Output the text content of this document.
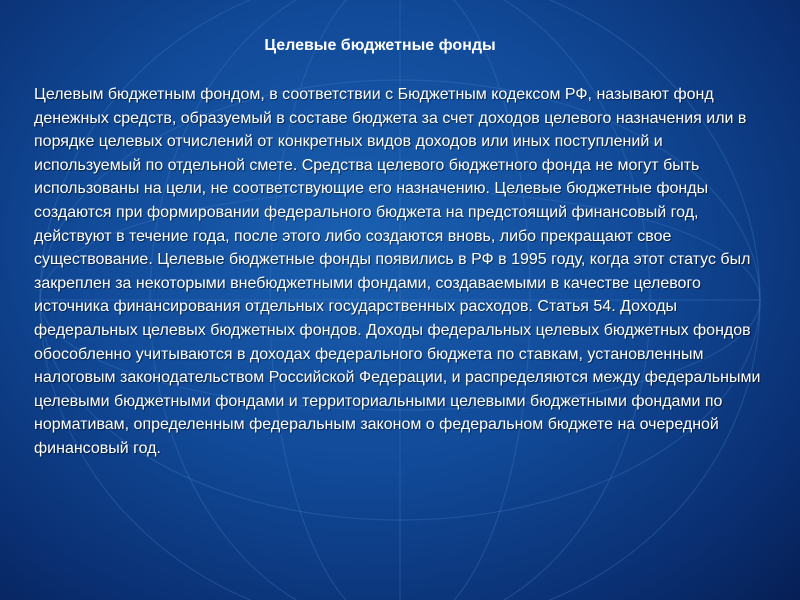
Целевые бюджетные фонды

Целевым бюджетным фондом, в соответствии с Бюджетным кодексом РФ, называют фонд денежных средств, образуемый в составе бюджета за счет доходов целевого назначения или в порядке целевых отчислений от конкретных видов доходов или иных поступлений и используемый по отдельной смете. Средства целевого бюджетного фонда не могут быть использованы на цели, не соответствующие его назначению. Целевые бюджетные фонды создаются при формировании федерального бюджета на предстоящий финансовый год, действуют в течение года, после этого либо создаются вновь, либо прекращают свое существование. Целевые бюджетные фонды появились в РФ в 1995 году, когда этот статус был закреплен за некоторыми внебюджетными фондами, создаваемыми в качестве целевого источника финансирования отдельных государственных расходов. Статья 54. Доходы федеральных целевых бюджетных фондов. Доходы федеральных целевых бюджетных фондов обособленно учитываются в доходах федерального бюджета по ставкам, установленным налоговым законодательством Российской Федерации, и распределяются между федеральными целевыми бюджетными фондами и территориальными целевыми бюджетными фондами по нормативам, определенным федеральным законом о федеральном бюджете на очередной финансовый год.
